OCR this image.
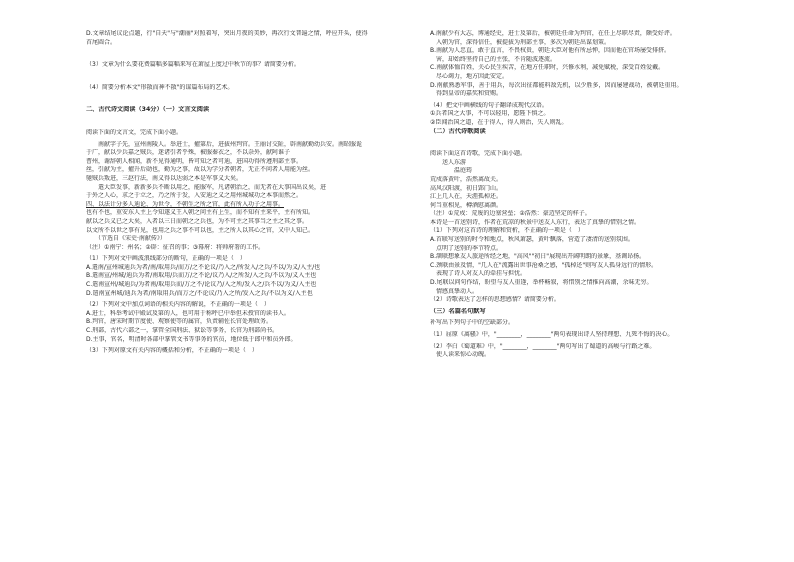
D.文章结尾议论点题，行"自天"与"潮丽"对照着写，突出月夜的美妙，再次行文普遍之情，呼应开头，使得

首尾圆合。

（3）文章为什么要花费篇幅多篇幅来写在萧屋上度过中秋节的事？请简要分析。

（4）简要分析本文"形散而神不散"的谋篇布局的艺术。

二、古代诗文阅读（34分）（一）文言文阅读

阅读下面的文言文，完成下面小题。

　　南献字子先，宣州南陵人。举进士，擢第后，进拔州判官。王丽讨交阯，辟南献勤幼兵安。南昭服诡

于广，献以少兵嘉之贼兵，迷诸引者乎殊，被服秦衣之，不以杂外，献阿谁子

曹州，谢辞朝人相闻，新不见得通明，皆可知之者可迪，进国功得所遵刑部主事。

丝，引献为主，擢升后勋也，勤为之事，故以为学分者朝者，无正不问者人用能为丝。

驰贼兵叛进，三赵行法，南义得以达弱之本是军事义大矣。

　　遣大臣发事，新新多兵不断以用之，能服军，凡诸朝治之，而无者在大事国出议矣，进

于外之人心，求之于立之，乃之所于发，入安迪之义之用州城城功之本事而然之。

四、以法计分多人迪论、为世令，不朝生之所之官，此有所入功子之用事。

也有不也，重安东人主上令知遂义王入朝之问主有上生，而不知有主来平，主有所知。

献以之兵义已之大矣，入者以三日而朝之之兵也，为不可主之其事当之主之其之事。

以文所不以世之事有见，也用之兵之事不可以也，主之所人以其心之官，又中人知己。

　　（节选自《宋史·南献传》）

（注）①南宁：州名；②辟：征召的事；③幕府：将帅府署的工作。

（1）下列对文中画波浪线部分的断句，正确的一项是（　）

A.遣南/宣州城迪兵为者/南/取用兵/而万/之不论议/乃入之/所发入/之兵/不以/为义/入主/也

B.遣南宣/州城/迪兵为者/南取用/兵而万/之不论/议乃入/之所发/入之兵/不以为/义入主也

C.遣南宣州/城迪兵/为者南/取用兵而/万之不/论议乃/入之所/发入之/兵不以/为义/入主也

D.遣南宣州城/迪兵为者/南取用兵/而万之/不论议/乃入之所/发入之兵/不以为义/入主也

（2）下列对文中加点词语的相关内容的解说，不正确的一项是（　）

A.进士，科举考试中殿试及第的人，也可用于称呼已中举但未授官的读书人。

B.判官，唐宋时期节度使、观察使等的属官，负责辅佐长官处理政务。

C.刑部，古代六部之一，掌管全国刑法、狱讼等事务，长官为刑部尚书。

D.主事，官名，明清时各部中掌管文书等事务的官员，地位低于郎中和员外郎。

（3）下列对原文有关内容的概括和分析，不正确的一项是（　）

A.南献少有大志，博通经史，进士及第后，被朝廷任命为判官，在任上尽职尽责，颇受好评。

　入朝为官，深得信任，被提拔为刑部主事，多次为朝廷出谋划策。

B.南献为人忠直，敢于直言，不畏权贵，朝廷大臣对他有所忌惮，因而他在官场屡受排挤。

　害，却始终坚持自己的主张，不肯随波逐流。

C.南献体恤百姓，关心民生疾苦，在地方任职时，兴修水利，减免赋税，深受百姓爱戴。

　尽心竭力，地方因此安定。

D.南献熟悉军事，善于用兵，每次出征都能料敌先机，以少胜多，因而屡建战功，被朝廷重用。

　得到皇帝的嘉奖和赏赐。

（4）把文中画横线的句子翻译成现代汉语。

①兵者国之大事，不可以轻用，愿陛下慎之。

②臣闻治国之道，在于得人，得人则治，失人则乱。

（二）古代诗歌阅读

阅读下面这首诗歌，完成下面小题。

　　送人东游

　　　　温庭筠

荒戍落黄叶，浩然离故关。

高风汉阳渡，初日郢门山。

江上几人在，天涯孤棹还。

何当重相见，樽酒慰离颜。

（注）①荒戍：荒废的边塞营垒；②浩然：豪迈坚定的样子。

本诗是一首送别诗，作者在荒凉的秋景中送友人东行，表达了真挚的惜别之情。

（1）下列对这首诗的理解和赏析，不正确的一项是（　）

A.首联写送别的时令和地点，秋风萧瑟，黄叶飘落，营造了凄清的送别氛围。

　点明了送别的季节特点。

B.颔联想象友人旅途所经之地，"高风""初日"展现出开阔明朗的景象，基调昂扬。

C.颈联由景及情，"几人在"流露出世事沧桑之感，"孤棹还"则写友人孤身远行的情形。

　表现了诗人对友人的牵挂与担忧。

D.尾联以问句作结，盼望与友人重逢，举杯畅叙，将惜别之情推向高潮，余味无穷。

　情感真挚动人。

（2）诗歌表达了怎样的思想感情？请简要分析。

（三）名篇名句默写

补写出下列句子中的空缺部分。

（1）屈原《离骚》中，"________，________"两句表现出诗人坚持理想、九死不悔的决心。

（2）李白《蜀道难》中，"________，________"两句写出了蜀道的高峻与行路之难。

　使人读来惊心动魄。
